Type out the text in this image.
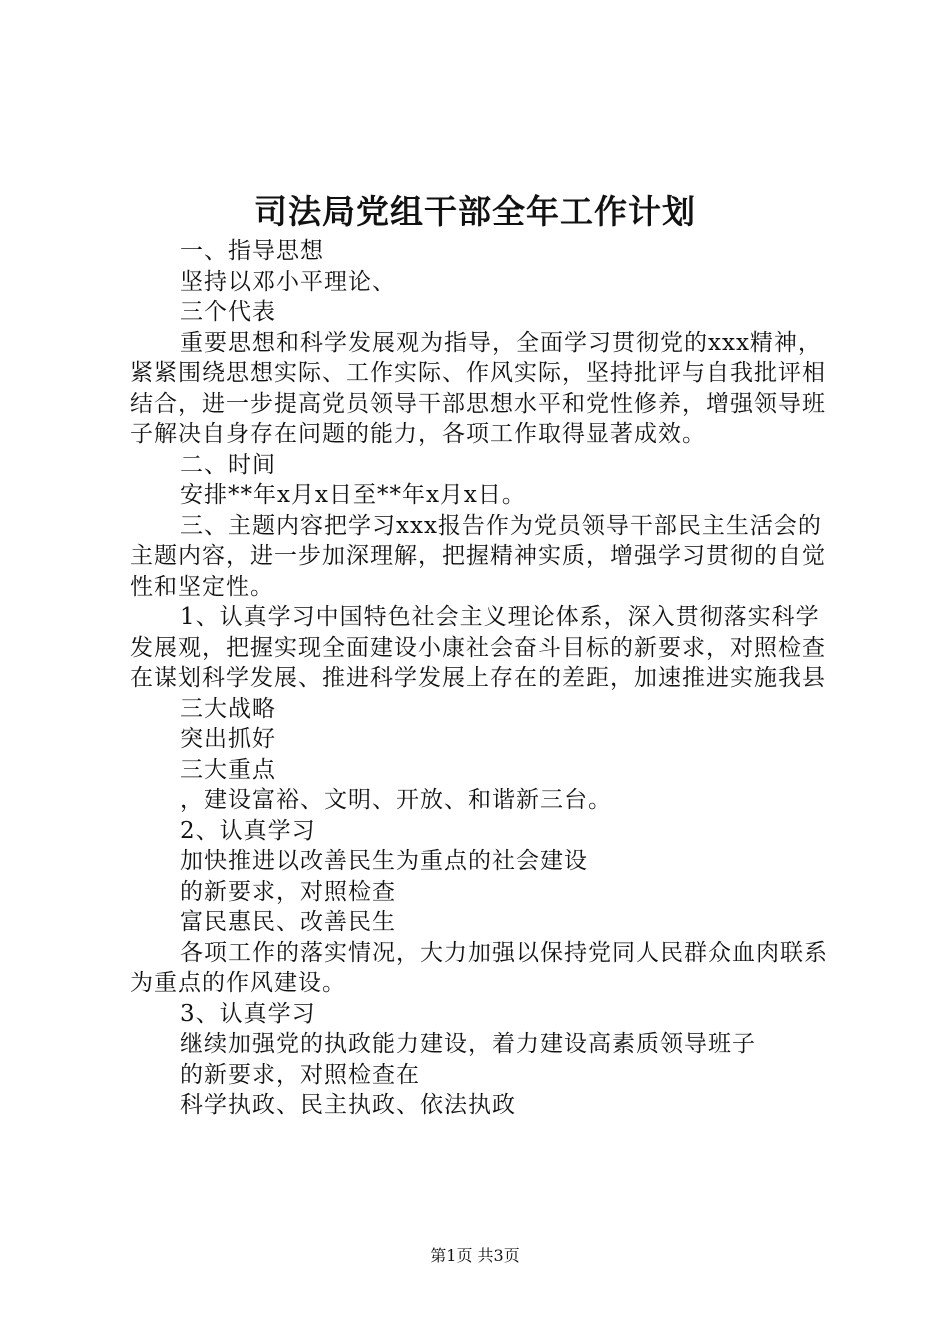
司法局党组干部全年工作计划

一、指导思想

坚持以邓小平理论、

三个代表

重要思想和科学发展观为指导，全面学习贯彻党的xxx精神，紧紧围绕思想实际、工作实际、作风实际，坚持批评与自我批评相结合，进一步提高党员领导干部思想水平和党性修养，增强领导班子解决自身存在问题的能力，各项工作取得显著成效。

二、时间

安排**年x月x日至**年x月x日。

三、主题内容把学习xxx报告作为党员领导干部民主生活会的主题内容，进一步加深理解，把握精神实质，增强学习贯彻的自觉性和坚定性。

1、认真学习中国特色社会主义理论体系，深入贯彻落实科学发展观，把握实现全面建设小康社会奋斗目标的新要求，对照检查在谋划科学发展、推进科学发展上存在的差距，加速推进实施我县

三大战略

突出抓好

三大重点

，建设富裕、文明、开放、和谐新三台。

2、认真学习

加快推进以改善民生为重点的社会建设

的新要求，对照检查

富民惠民、改善民生

各项工作的落实情况，大力加强以保持党同人民群众血肉联系为重点的作风建设。

3、认真学习

继续加强党的执政能力建设，着力建设高素质领导班子

的新要求，对照检查在

科学执政、民主执政、依法执政

第1页 共3页
